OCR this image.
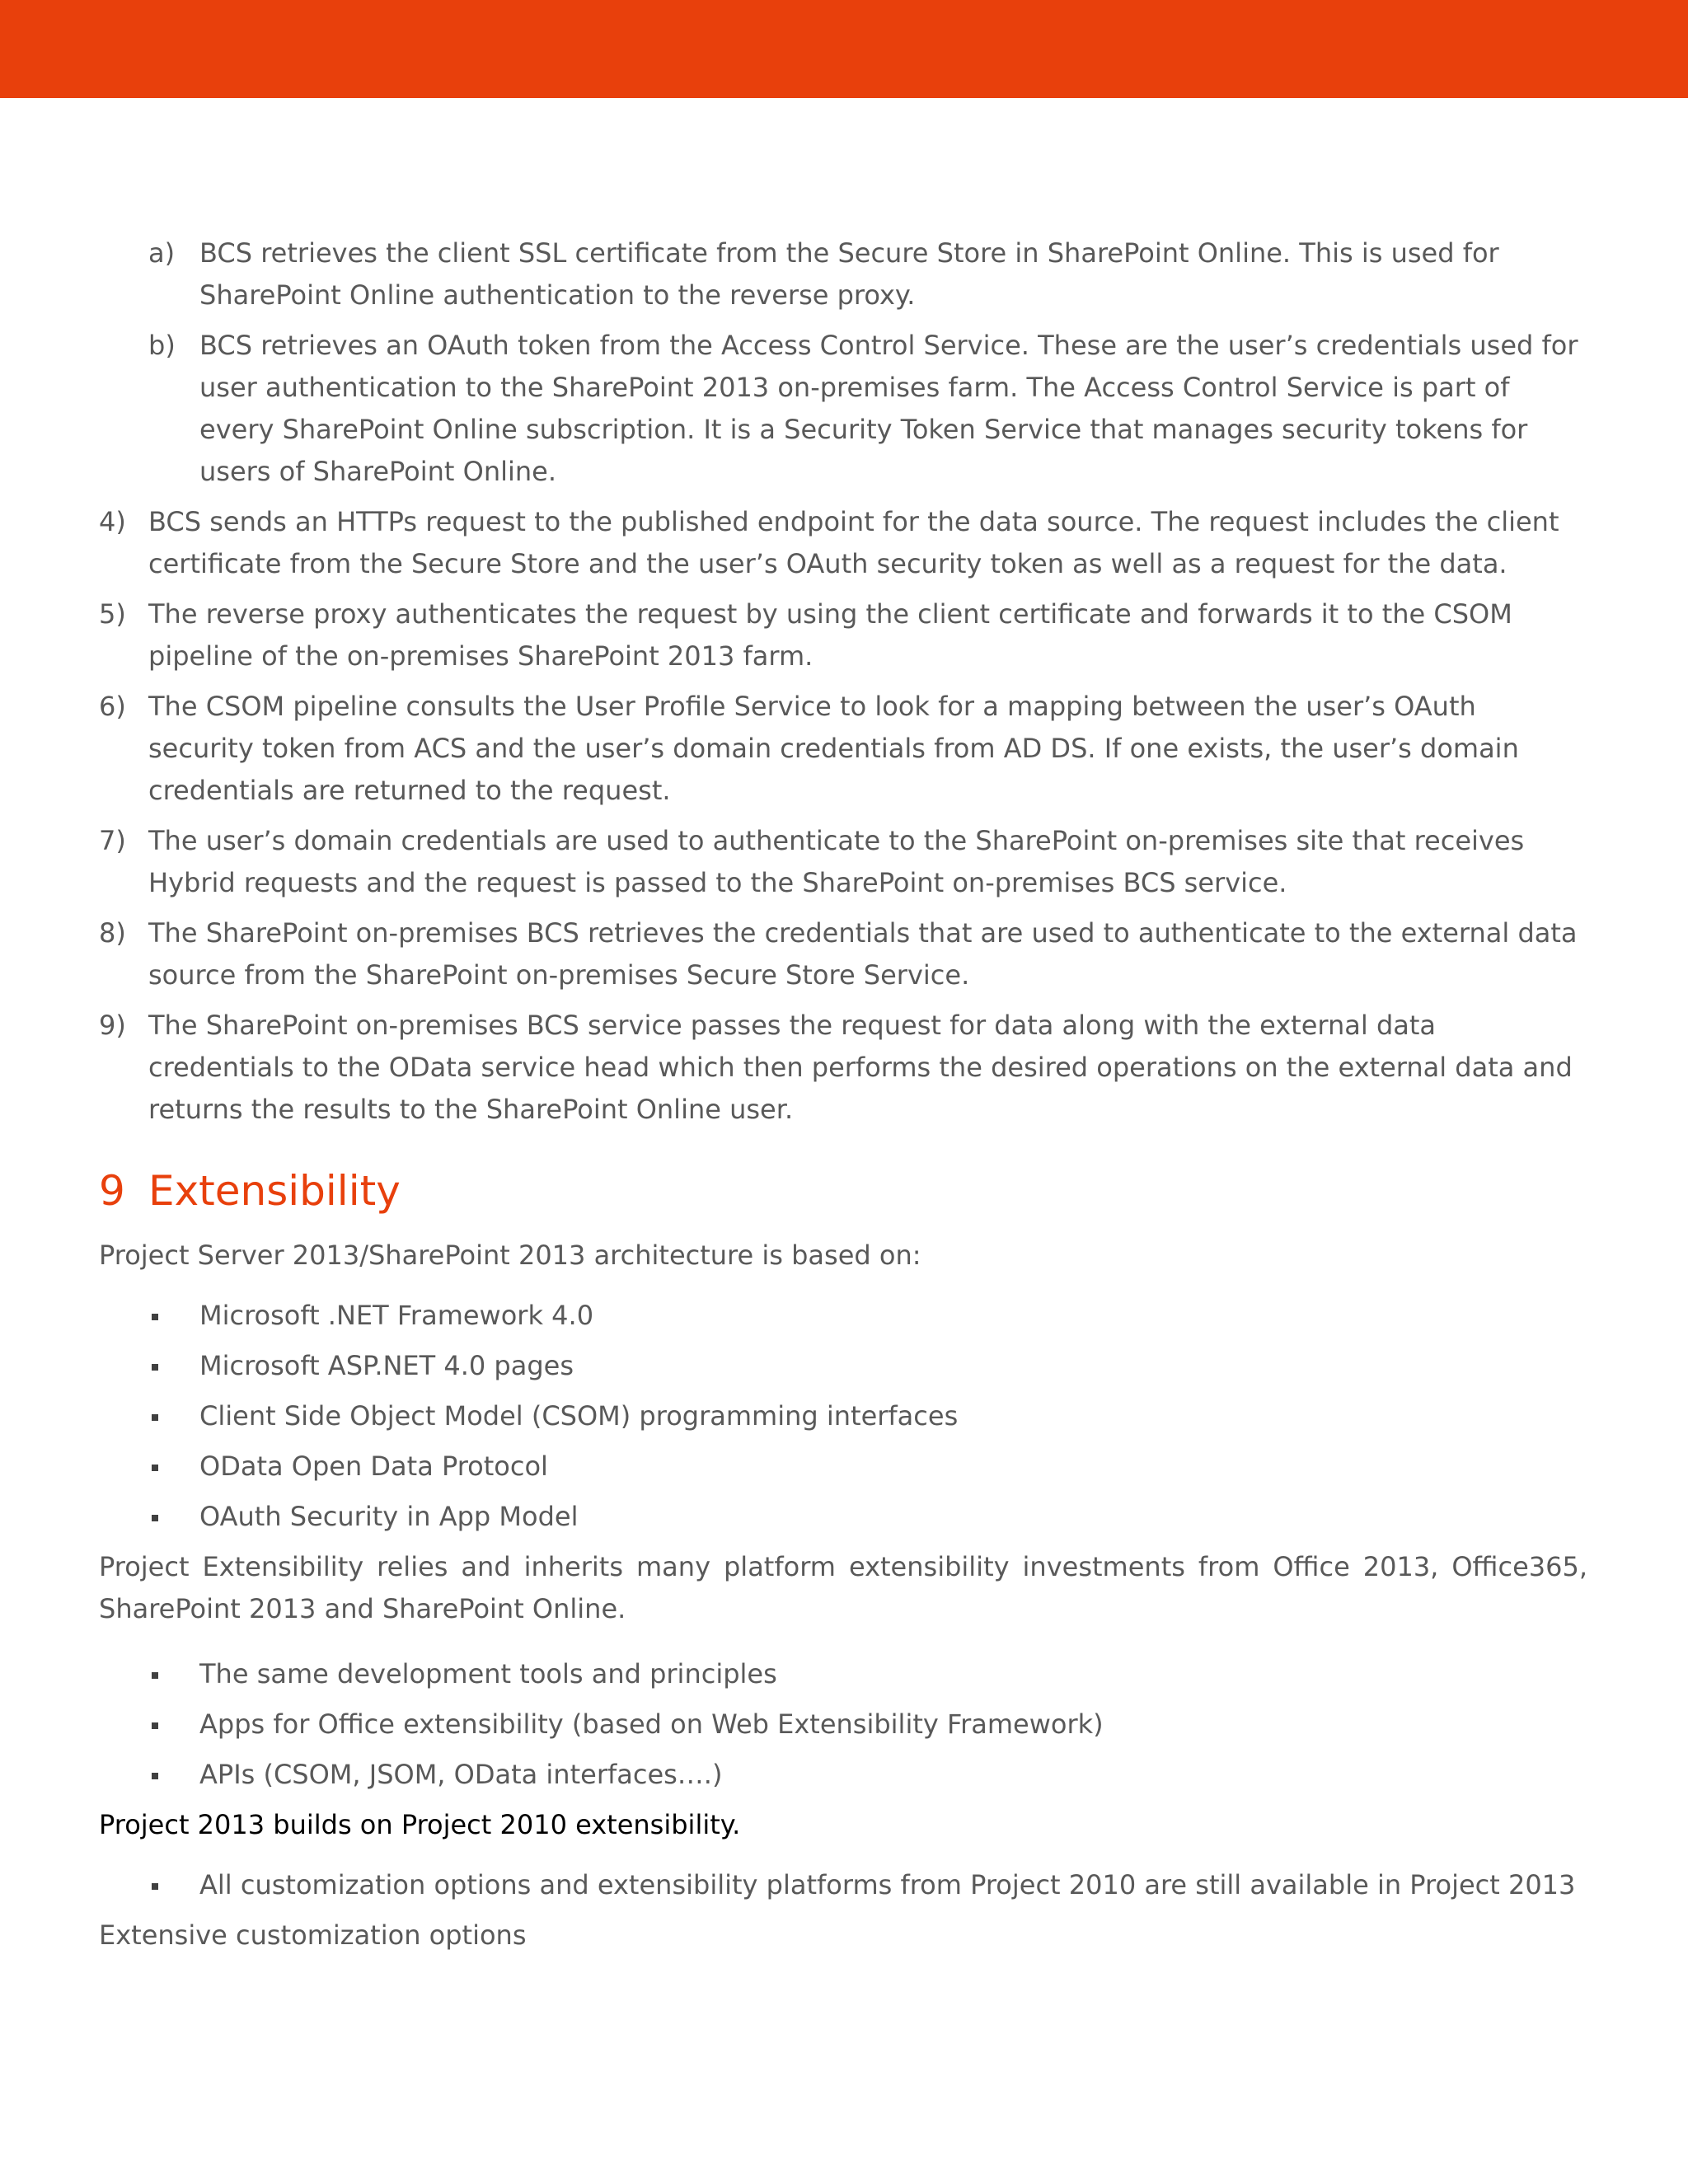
a) BCS retrieves the client SSL certificate from the Secure Store in SharePoint Online. This is used for SharePoint Online authentication to the reverse proxy.
b) BCS retrieves an OAuth token from the Access Control Service. These are the user’s credentials used for user authentication to the SharePoint 2013 on-premises farm. The Access Control Service is part of every SharePoint Online subscription. It is a Security Token Service that manages security tokens for users of SharePoint Online.
4) BCS sends an HTTPs request to the published endpoint for the data source. The request includes the client certificate from the Secure Store and the user’s OAuth security token as well as a request for the data.
5) The reverse proxy authenticates the request by using the client certificate and forwards it to the CSOM pipeline of the on-premises SharePoint 2013 farm.
6) The CSOM pipeline consults the User Profile Service to look for a mapping between the user’s OAuth security token from ACS and the user’s domain credentials from AD DS. If one exists, the user’s domain credentials are returned to the request.
7) The user’s domain credentials are used to authenticate to the SharePoint on-premises site that receives Hybrid requests and the request is passed to the SharePoint on-premises BCS service.
8) The SharePoint on-premises BCS retrieves the credentials that are used to authenticate to the external data source from the SharePoint on-premises Secure Store Service.
9) The SharePoint on-premises BCS service passes the request for data along with the external data credentials to the OData service head which then performs the desired operations on the external data and returns the results to the SharePoint Online user.
9 Extensibility
Project Server 2013/SharePoint 2013 architecture is based on:
Microsoft .NET Framework 4.0
Microsoft ASP.NET 4.0 pages
Client Side Object Model (CSOM) programming interfaces
OData Open Data Protocol
OAuth Security in App Model
Project Extensibility relies and inherits many platform extensibility investments from Office 2013, Office365, SharePoint 2013 and SharePoint Online.
The same development tools and principles
Apps for Office extensibility (based on Web Extensibility Framework)
APIs (CSOM, JSOM, OData interfaces….)
Project 2013 builds on Project 2010 extensibility.
All customization options and extensibility platforms from Project 2010 are still available in Project 2013
Extensive customization options
